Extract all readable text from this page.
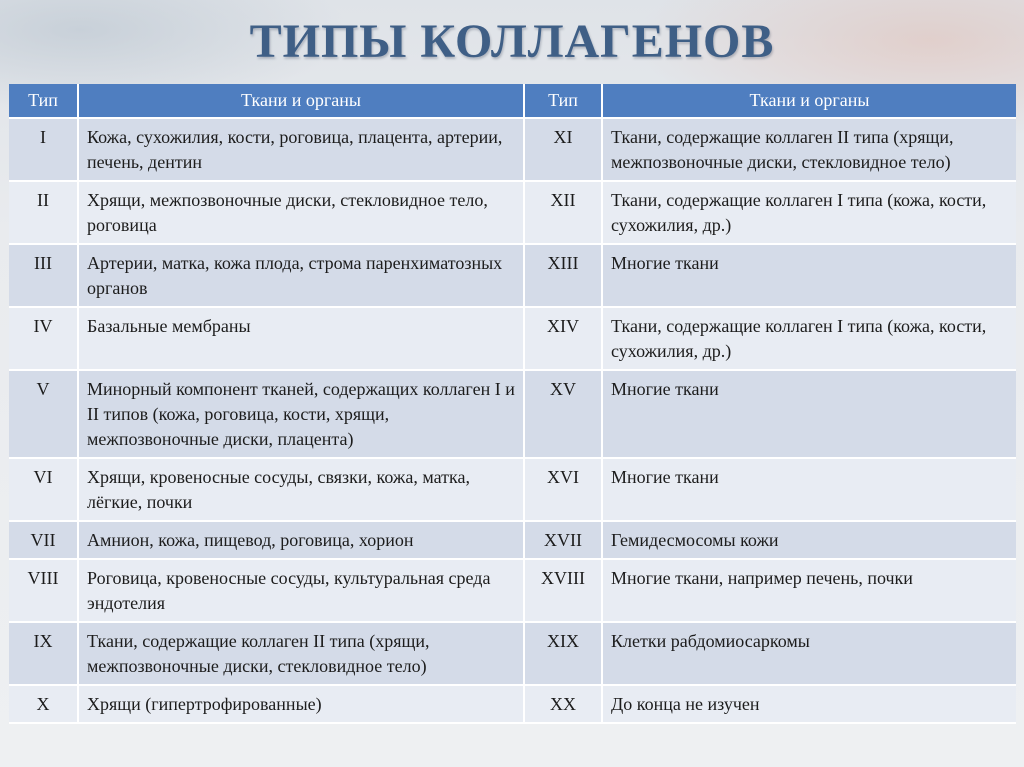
ТИПЫ КОЛЛАГЕНОВ
Тип	Ткани и органы	Тип	Ткани и органы
I	Кожа, сухожилия, кости, роговица, плацента, артерии, печень, дентин	XI	Ткани, содержащие коллаген II типа (хрящи, межпозвоночные диски, стекловидное тело)
II	Хрящи, межпозвоночные диски, стекловидное тело, роговица	XII	Ткани, содержащие коллаген I типа (кожа, кости, сухожилия, др.)
III	Артерии, матка, кожа плода, строма паренхиматозных органов	XIII	Многие ткани
IV	Базальные мембраны	XIV	Ткани, содержащие коллаген I типа (кожа, кости, сухожилия, др.)
V	Минорный компонент тканей, содержащих коллаген I и II типов (кожа, роговица, кости, хрящи, межпозвоночные диски, плацента)	XV	Многие ткани
VI	Хрящи, кровеносные сосуды, связки, кожа, матка, лёгкие, почки	XVI	Многие ткани
VII	Амнион, кожа, пищевод, роговица, хорион	XVII	Гемидесмосомы кожи
VIII	Роговица, кровеносные сосуды, культуральная среда эндотелия	XVIII	Многие ткани, например печень, почки
IX	Ткани, содержащие коллаген II типа (хрящи, межпозвоночные диски, стекловидное тело)	XIX	Клетки рабдомиосаркомы
X	Хрящи (гипертрофированные)	XX	До конца не изучен
